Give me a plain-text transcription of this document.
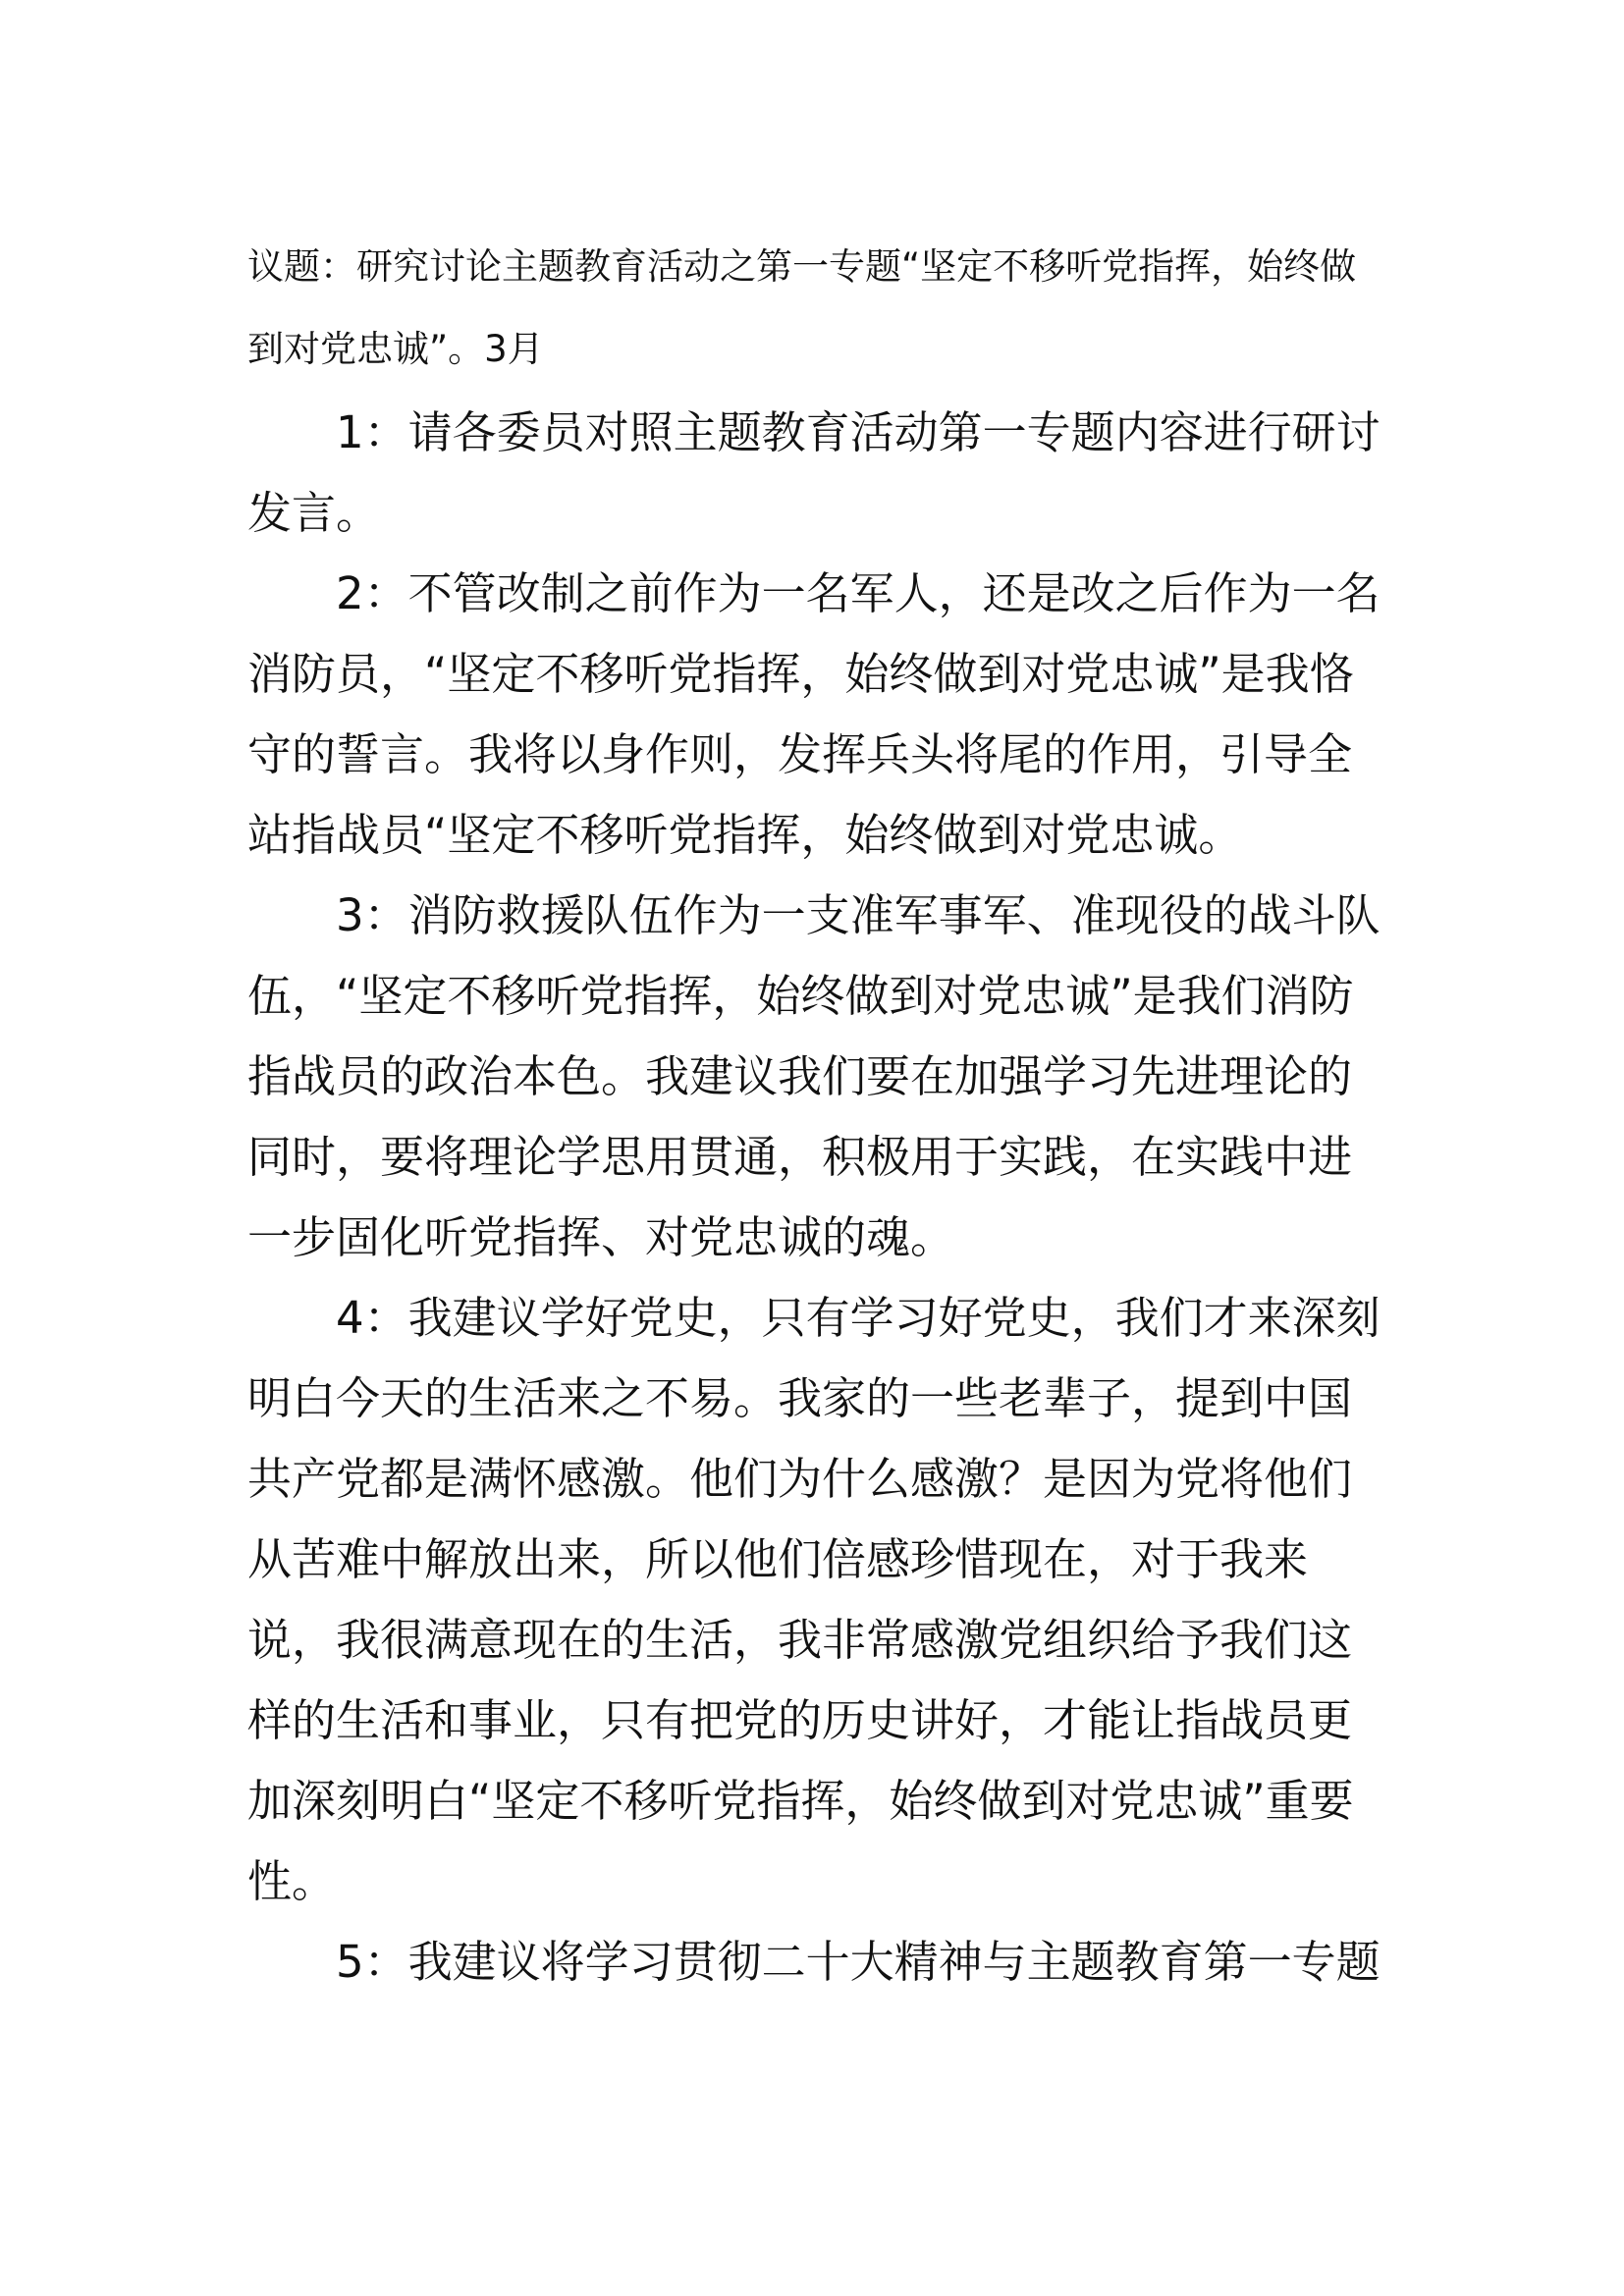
议题：研究讨论主题教育活动之第一专题“坚定不移听党指挥，始终做到对党忠诚”。3月

1：请各委员对照主题教育活动第一专题内容进行研讨发言。

2：不管改制之前作为一名军人，还是改之后作为一名消防员，“坚定不移听党指挥，始终做到对党忠诚”是我恪守的誓言。我将以身作则，发挥兵头将尾的作用，引导全站指战员“坚定不移听党指挥，始终做到对党忠诚。

3：消防救援队伍作为一支准军事军、准现役的战斗队伍，“坚定不移听党指挥，始终做到对党忠诚”是我们消防指战员的政治本色。我建议我们要在加强学习先进理论的同时，要将理论学思用贯通，积极用于实践，在实践中进一步固化听党指挥、对党忠诚的魂。

4：我建议学好党史，只有学习好党史，我们才来深刻明白今天的生活来之不易。我家的一些老辈子，提到中国共产党都是满怀感激。他们为什么感激？是因为党将他们从苦难中解放出来，所以他们倍感珍惜现在，对于我来说，我很满意现在的生活，我非常感激党组织给予我们这样的生活和事业，只有把党的历史讲好，才能让指战员更加深刻明白“坚定不移听党指挥，始终做到对党忠诚”重要性。

5：我建议将学习贯彻二十大精神与主题教育第一专题
